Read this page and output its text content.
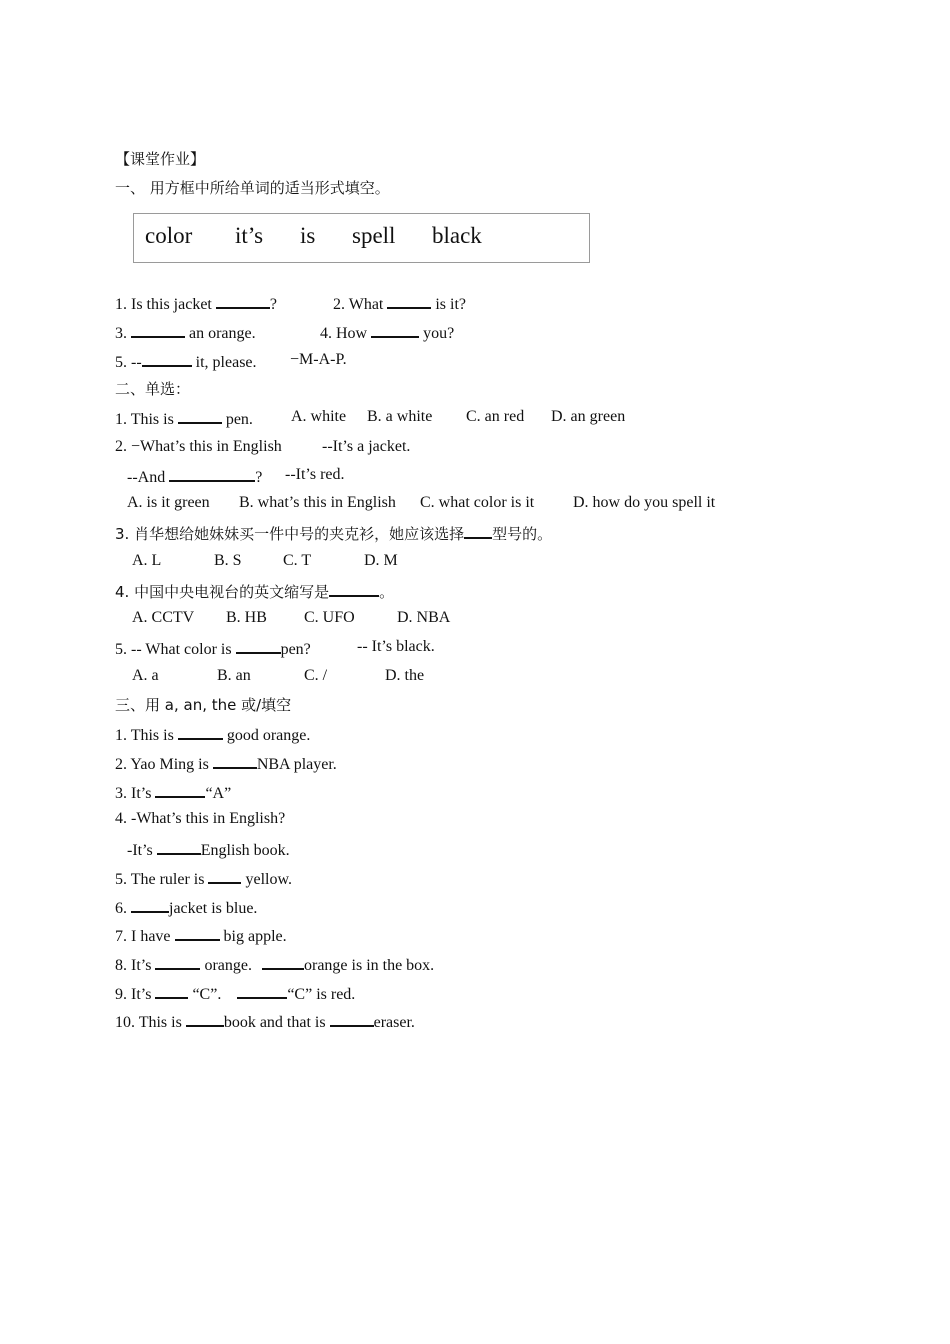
【课堂作业】
一、 用方框中所给单词的适当形式填空。
color it’s is spell black
1. Is this jacket	?	2. What	is it?
3.	an orange.	4. How	you?
5. --	it, please. −M-A-P.
二、单选：
1. This is	pen. A. white B. a white C. an red D. an green
2. −What’s this in English	--It’s a jacket.
--And	? --It’s red.
A. is it green B. what’s this in English C. what color is it D. how do you spell it
3. 肖华想给她妹妹买一件中号的夹克衫，她应该选择 型号的。
A. L	B. S	C. T	D. M
4. 中国中央电视台的英文缩写是	。
A. CCTV B. HB C. UFO	D. NBA
5. -- What color is	pen?	-- It’s black.
A. a	B. an	C. /	D. the
三、用 a, an, the 或/填空
1. This is	good orange.
2. Yao Ming is	NBA player.
3. It’s	“A”
4. -What’s this in English?
-It’s	English book.
5. The ruler is  yellow.
6. jacket is blue.
7. I have	big apple.
8. It’s	orange.	orange is in the box.
9. It’s  “C”.	“C” is red.
10. This is book and that is	eraser.
